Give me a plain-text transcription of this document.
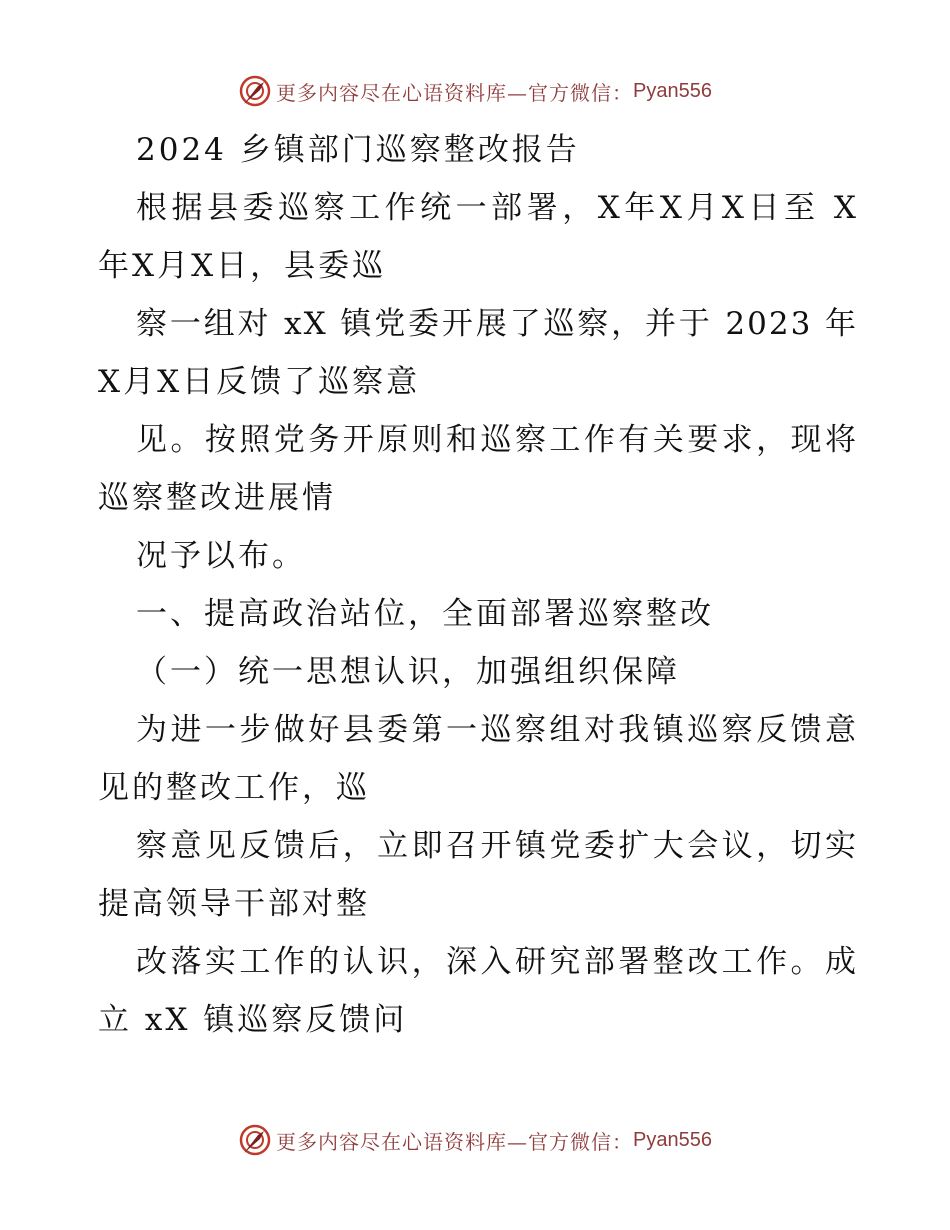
更多内容尽在心语资料库—官方微信： Pyan556
2024 乡镇部门巡察整改报告
根据县委巡察工作统一部署，X年X月X日至 X
年X月X日，县委巡
察一组对 xX 镇党委开展了巡察，并于 2023 年
X月X日反馈了巡察意
见。按照党务开原则和巡察工作有关要求，现将
巡察整改进展情
况予以布。
一、提高政治站位，全面部署巡察整改
（一）统一思想认识，加强组织保障
为进一步做好县委第一巡察组对我镇巡察反馈意
见的整改工作，巡
察意见反馈后，立即召开镇党委扩大会议，切实
提高领导干部对整
改落实工作的认识，深入研究部署整改工作。成
立 xX 镇巡察反馈问
更多内容尽在心语资料库—官方微信： Pyan556
